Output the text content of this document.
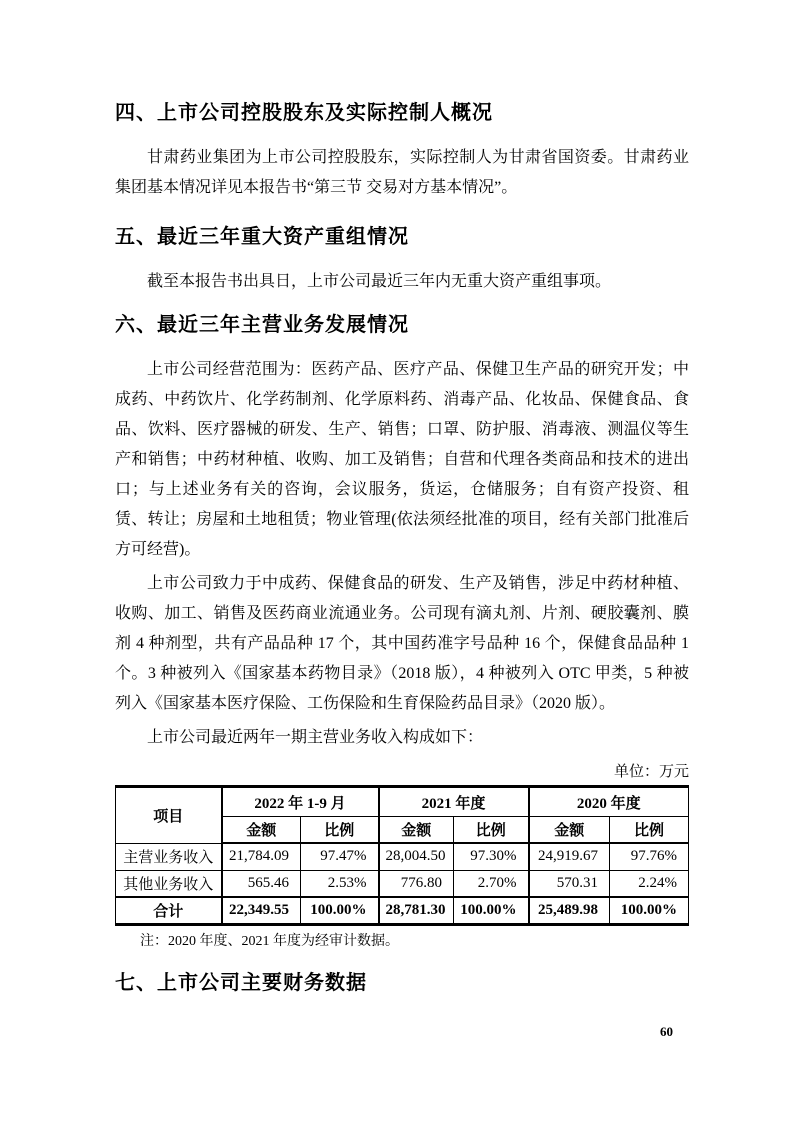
四、上市公司控股股东及实际控制人概况

甘肃药业集团为上市公司控股股东，实际控制人为甘肃省国资委。甘肃药业集团基本情况详见本报告书“第三节 交易对方基本情况”。

五、最近三年重大资产重组情况

截至本报告书出具日，上市公司最近三年内无重大资产重组事项。

六、最近三年主营业务发展情况

上市公司经营范围为：医药产品、医疗产品、保健卫生产品的研究开发；中成药、中药饮片、化学药制剂、化学原料药、消毒产品、化妆品、保健食品、食品、饮料、医疗器械的研发、生产、销售；口罩、防护服、消毒液、测温仪等生产和销售；中药材种植、收购、加工及销售；自营和代理各类商品和技术的进出口；与上述业务有关的咨询，会议服务，货运，仓储服务；自有资产投资、租赁、转让；房屋和土地租赁；物业管理(依法须经批准的项目，经有关部门批准后方可经营)。

上市公司致力于中成药、保健食品的研发、生产及销售，涉足中药材种植、收购、加工、销售及医药商业流通业务。公司现有滴丸剂、片剂、硬胶囊剂、膜剂 4 种剂型，共有产品品种 17 个，其中国药准字号品种 16 个，保健食品品种 1 个。3 种被列入《国家基本药物目录》（2018 版），4 种被列入 OTC 甲类，5 种被列入《国家基本医疗保险、工伤保险和生育保险药品目录》（2020 版）。

上市公司最近两年一期主营业务收入构成如下：

单位：万元
项目	2022 年 1-9 月		2021 年度		2020 年度	
	金额	比例	金额	比例	金额	比例
主营业务收入	21,784.09	97.47%	28,004.50	97.30%	24,919.67	97.76%
其他业务收入	565.46	2.53%	776.80	2.70%	570.31	2.24%
合计	22,349.55	100.00%	28,781.30	100.00%	25,489.98	100.00%

注：2020 年度、2021 年度为经审计数据。

七、上市公司主要财务数据
60
